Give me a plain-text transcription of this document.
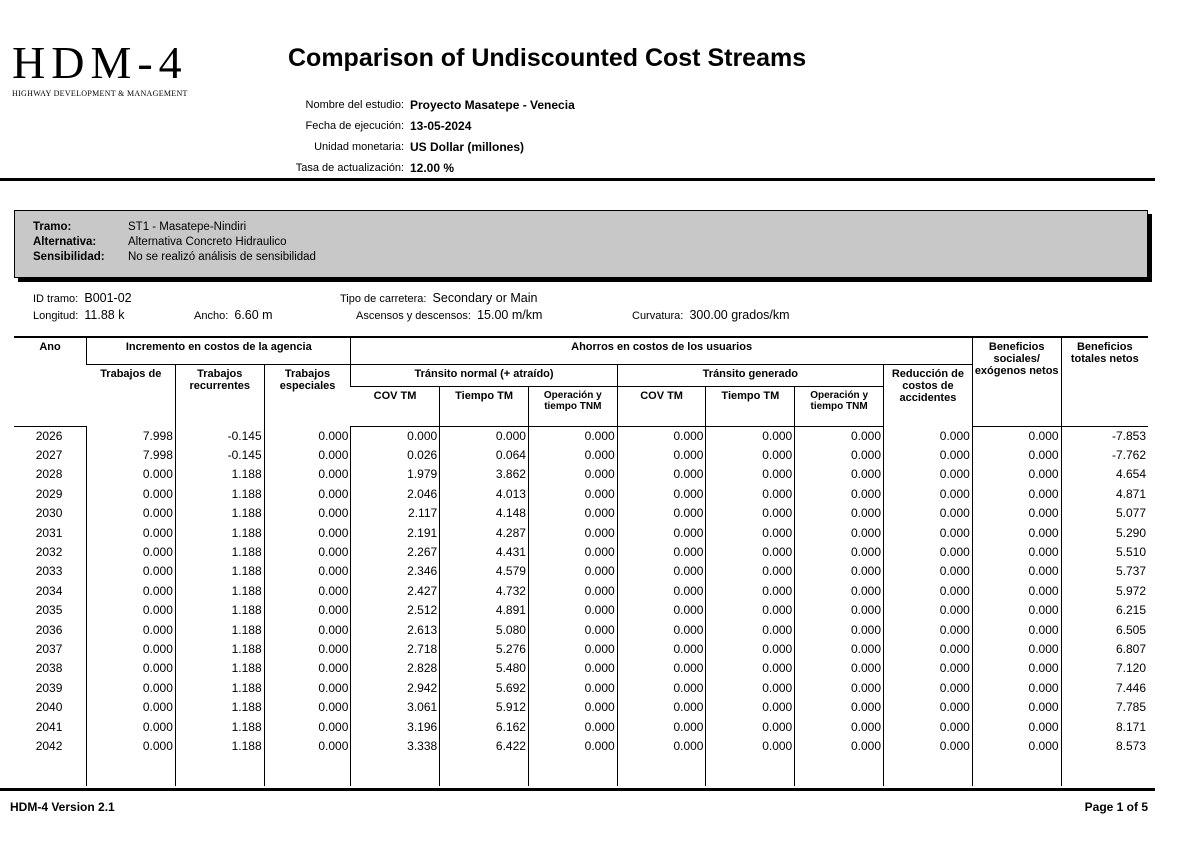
HDM-4
HIGHWAY DEVELOPMENT & MANAGEMENT
Comparison of Undiscounted Cost Streams
Nombre del estudio: Proyecto Masatepe - Venecia
Fecha de ejecución: 13-05-2024
Unidad monetaria: US Dollar (millones)
Tasa de actualización: 12.00 %
Tramo:	ST1 - Masatepe-Nindiri
Alternativa:	Alternativa Concreto Hidraulico
Sensibilidad:	No se realizó análisis de sensibilidad
ID tramo: B001-02
Longitud: 11.88 k	Ancho: 6.60 m
Tipo de carretera: Secondary or Main
Ascensos y descensos: 15.00 m/km	Curvatura: 300.00 grados/km
Ano	Incremento en costos de la agencia			Ahorros en costos de los usuarios							Beneficios sociales/ exógenos netos	Beneficios totales netos

	Trabajos de	Trabajos recurrentes	Trabajos especiales	Tránsito normal (+ atraído)			Tránsito generado			Reducción de costos de accidentes		

				COV TM	Tiempo TM	Operación y tiempo TNM	COV TM	Tiempo TM	Operación y tiempo TNM			
2026	7.998	-0.145	0.000	0.000	0.000	0.000	0.000	0.000	0.000	0.000	0.000	-7.853
2027	7.998	-0.145	0.000	0.026	0.064	0.000	0.000	0.000	0.000	0.000	0.000	-7.762
2028	0.000	1.188	0.000	1.979	3.862	0.000	0.000	0.000	0.000	0.000	0.000	4.654
2029	0.000	1.188	0.000	2.046	4.013	0.000	0.000	0.000	0.000	0.000	0.000	4.871
2030	0.000	1.188	0.000	2.117	4.148	0.000	0.000	0.000	0.000	0.000	0.000	5.077
2031	0.000	1.188	0.000	2.191	4.287	0.000	0.000	0.000	0.000	0.000	0.000	5.290
2032	0.000	1.188	0.000	2.267	4.431	0.000	0.000	0.000	0.000	0.000	0.000	5.510
2033	0.000	1.188	0.000	2.346	4.579	0.000	0.000	0.000	0.000	0.000	0.000	5.737
2034	0.000	1.188	0.000	2.427	4.732	0.000	0.000	0.000	0.000	0.000	0.000	5.972
2035	0.000	1.188	0.000	2.512	4.891	0.000	0.000	0.000	0.000	0.000	0.000	6.215
2036	0.000	1.188	0.000	2.613	5.080	0.000	0.000	0.000	0.000	0.000	0.000	6.505
2037	0.000	1.188	0.000	2.718	5.276	0.000	0.000	0.000	0.000	0.000	0.000	6.807
2038	0.000	1.188	0.000	2.828	5.480	0.000	0.000	0.000	0.000	0.000	0.000	7.120
2039	0.000	1.188	0.000	2.942	5.692	0.000	0.000	0.000	0.000	0.000	0.000	7.446
2040	0.000	1.188	0.000	3.061	5.912	0.000	0.000	0.000	0.000	0.000	0.000	7.785
2041	0.000	1.188	0.000	3.196	6.162	0.000	0.000	0.000	0.000	0.000	0.000	8.171
2042	0.000	1.188	0.000	3.338	6.422	0.000	0.000	0.000	0.000	0.000	0.000	8.573

HDM-4 Version 2.1	Page 1 of 5
